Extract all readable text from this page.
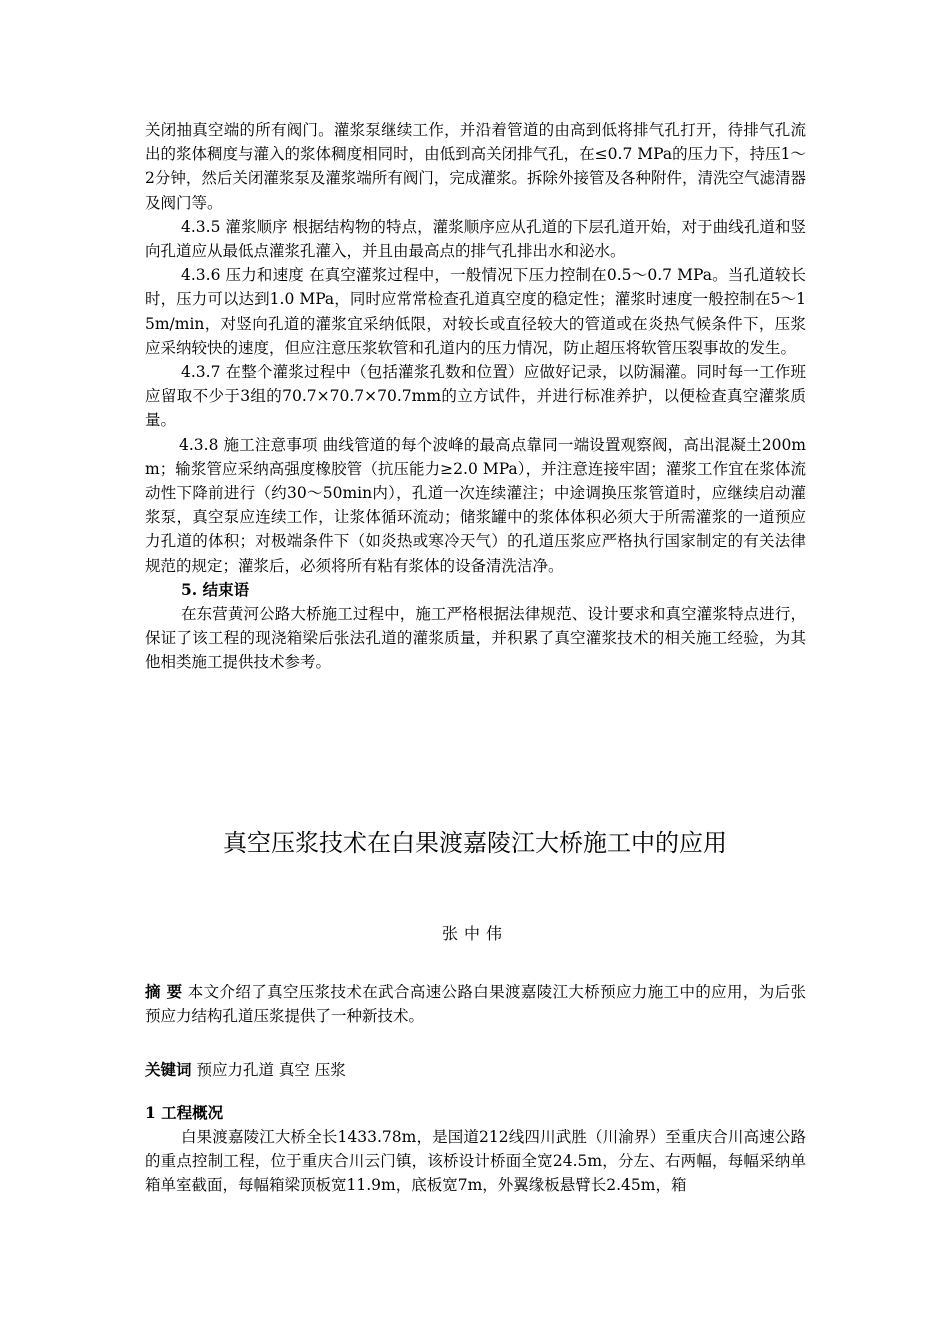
关闭抽真空端的所有阀门。灌浆泵继续工作，并沿着管道的由高到低将排气孔打开，待排气孔流出的浆体稠度与灌入的浆体稠度相同时，由低到高关闭排气孔，在≤0.7 MPa的压力下，持压1～2分钟，然后关闭灌浆泵及灌浆端所有阀门，完成灌浆。拆除外接管及各种附件，清洗空气滤清器及阀门等。

4.3.5 灌浆顺序 根据结构物的特点，灌浆顺序应从孔道的下层孔道开始，对于曲线孔道和竖向孔道应从最低点灌浆孔灌入，并且由最高点的排气孔排出水和泌水。

4.3.6 压力和速度 在真空灌浆过程中，一般情况下压力控制在0.5～0.7 MPa。当孔道较长时，压力可以达到1.0 MPa，同时应常常检查孔道真空度的稳定性；灌浆时速度一般控制在5～15m/min，对竖向孔道的灌浆宜采纳低限，对较长或直径较大的管道或在炎热气候条件下，压浆应采纳较快的速度，但应注意压浆软管和孔道内的压力情况，防止超压将软管压裂事故的发生。

4.3.7 在整个灌浆过程中（包括灌浆孔数和位置）应做好记录，以防漏灌。同时每一工作班应留取不少于3组的70.7×70.7×70.7mm的立方试件，并进行标准养护，以便检查真空灌浆质量。

4.3.8 施工注意事项 曲线管道的每个波峰的最高点靠同一端设置观察阀，高出混凝土200mm；输浆管应采纳高强度橡胶管（抗压能力≥2.0 MPa），并注意连接牢固；灌浆工作宜在浆体流动性下降前进行（约30～50min内），孔道一次连续灌注；中途调换压浆管道时，应继续启动灌浆泵，真空泵应连续工作，让浆体循环流动；储浆罐中的浆体体积必须大于所需灌浆的一道预应力孔道的体积；对极端条件下（如炎热或寒冷天气）的孔道压浆应严格执行国家制定的有关法律规范的规定；灌浆后，必须将所有粘有浆体的设备清洗洁净。

5. 结束语

在东营黄河公路大桥施工过程中，施工严格根据法律规范、设计要求和真空灌浆特点进行，保证了该工程的现浇箱梁后张法孔道的灌浆质量，并积累了真空灌浆技术的相关施工经验，为其他相类施工提供技术参考。

真空压浆技术在白果渡嘉陵江大桥施工中的应用

张中伟

摘 要 本文介绍了真空压浆技术在武合高速公路白果渡嘉陵江大桥预应力施工中的应用，为后张预应力结构孔道压浆提供了一种新技术。

关键词 预应力孔道 真空 压浆

1 工程概况

白果渡嘉陵江大桥全长1433.78m，是国道212线四川武胜（川渝界）至重庆合川高速公路的重点控制工程，位于重庆合川云门镇，该桥设计桥面全宽24.5m，分左、右两幅，每幅采纳单箱单室截面，每幅箱梁顶板宽11.9m，底板宽7m，外翼缘板悬臂长2.45m，箱
